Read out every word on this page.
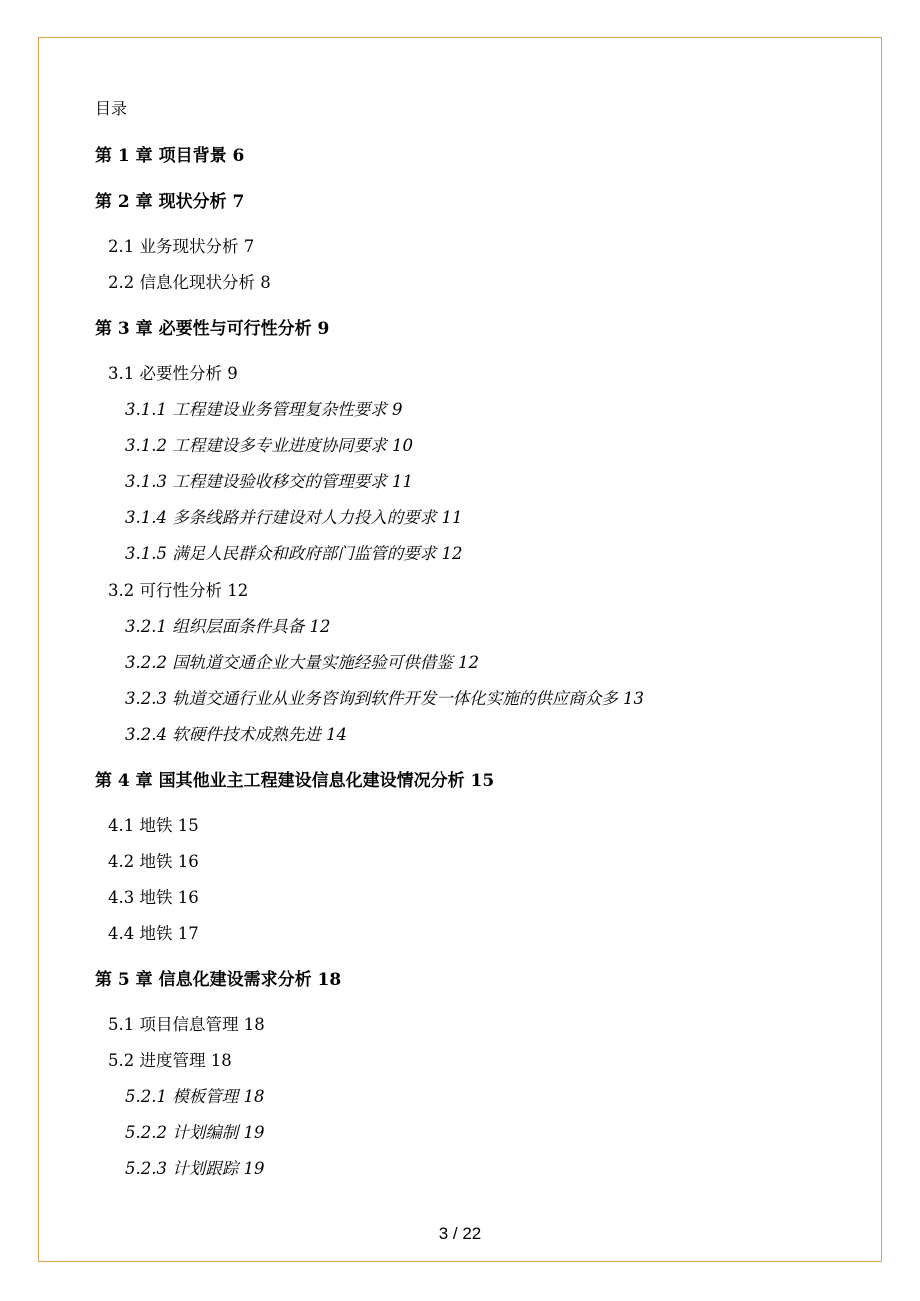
目录
第 1 章 项目背景 6
第 2 章 现状分析 7
2.1 业务现状分析 7
2.2 信息化现状分析 8
第 3 章 必要性与可行性分析 9
3.1 必要性分析 9
3.1.1 工程建设业务管理复杂性要求 9
3.1.2 工程建设多专业进度协同要求 10
3.1.3 工程建设验收移交的管理要求 11
3.1.4 多条线路并行建设对人力投入的要求 11
3.1.5 满足人民群众和政府部门监管的要求 12
3.2 可行性分析 12
3.2.1 组织层面条件具备 12
3.2.2 国轨道交通企业大量实施经验可供借鉴 12
3.2.3 轨道交通行业从业务咨询到软件开发一体化实施的供应商众多 13
3.2.4 软硬件技术成熟先进 14
第 4 章 国其他业主工程建设信息化建设情况分析 15
4.1 地铁 15
4.2 地铁 16
4.3 地铁 16
4.4 地铁 17
第 5 章 信息化建设需求分析 18
5.1 项目信息管理 18
5.2 进度管理 18
5.2.1 模板管理 18
5.2.2 计划编制 19
5.2.3 计划跟踪 19
3 / 22
